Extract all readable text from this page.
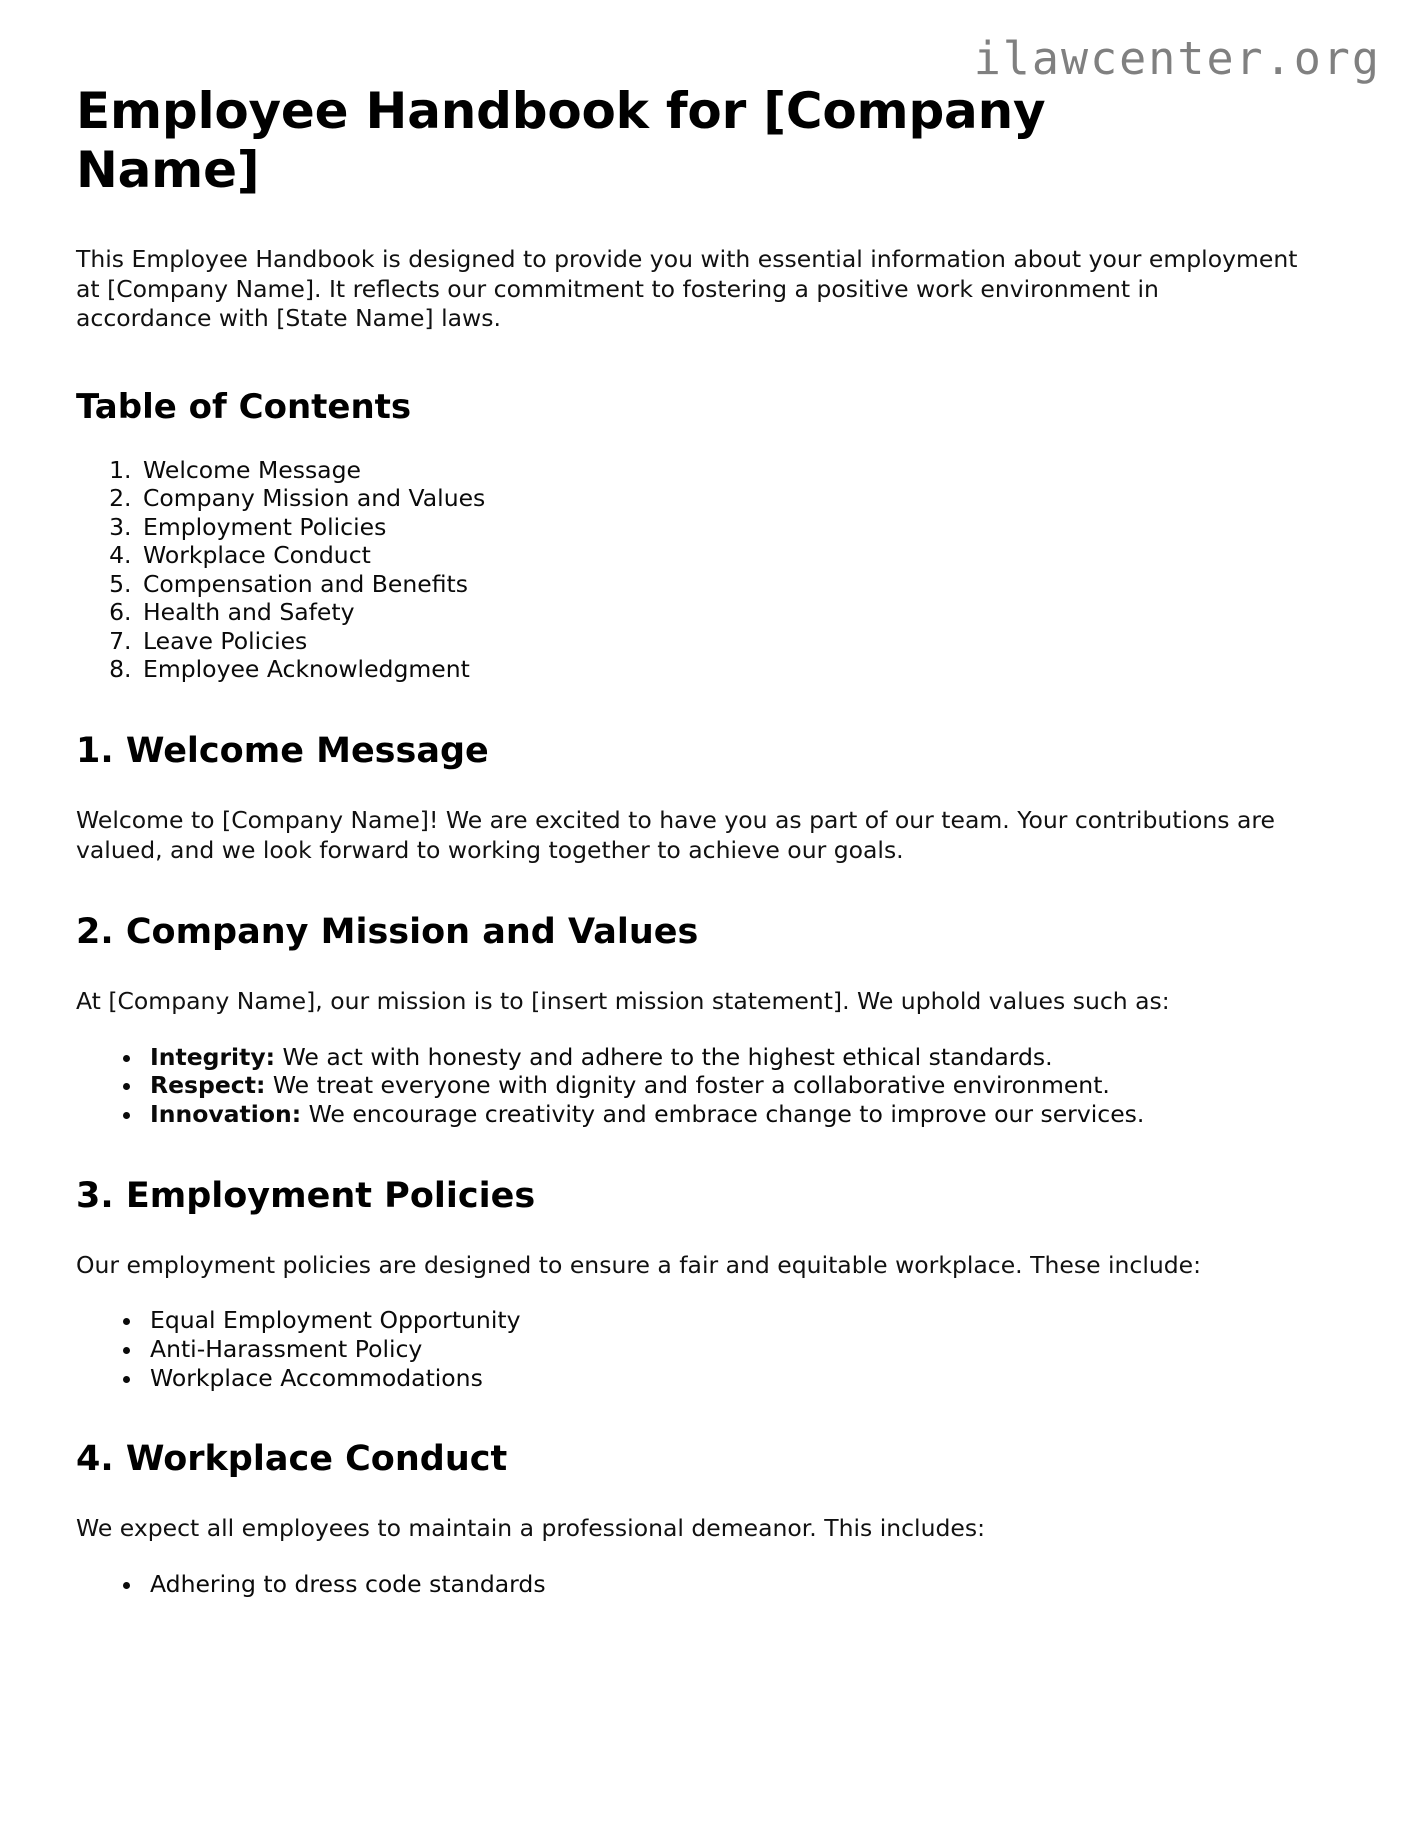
ilawcenter.org
Employee Handbook for [Company Name]

This Employee Handbook is designed to provide you with essential information about your employment at [Company Name]. It reflects our commitment to fostering a positive work environment in accordance with [State Name] laws.

Table of Contents
1. Welcome Message
2. Company Mission and Values
3. Employment Policies
4. Workplace Conduct
5. Compensation and Benefits
6. Health and Safety
7. Leave Policies
8. Employee Acknowledgment
1. Welcome Message

Welcome to [Company Name]! We are excited to have you as part of our team. Your contributions are valued, and we look forward to working together to achieve our goals.

2. Company Mission and Values

At [Company Name], our mission is to [insert mission statement]. We uphold values such as:

• Integrity: We act with honesty and adhere to the highest ethical standards.
• Respect: We treat everyone with dignity and foster a collaborative environment.
• Innovation: We encourage creativity and embrace change to improve our services.
3. Employment Policies

Our employment policies are designed to ensure a fair and equitable workplace. These include:

• Equal Employment Opportunity
• Anti-Harassment Policy
• Workplace Accommodations
4. Workplace Conduct

We expect all employees to maintain a professional demeanor. This includes:

• Adhering to dress code standards
